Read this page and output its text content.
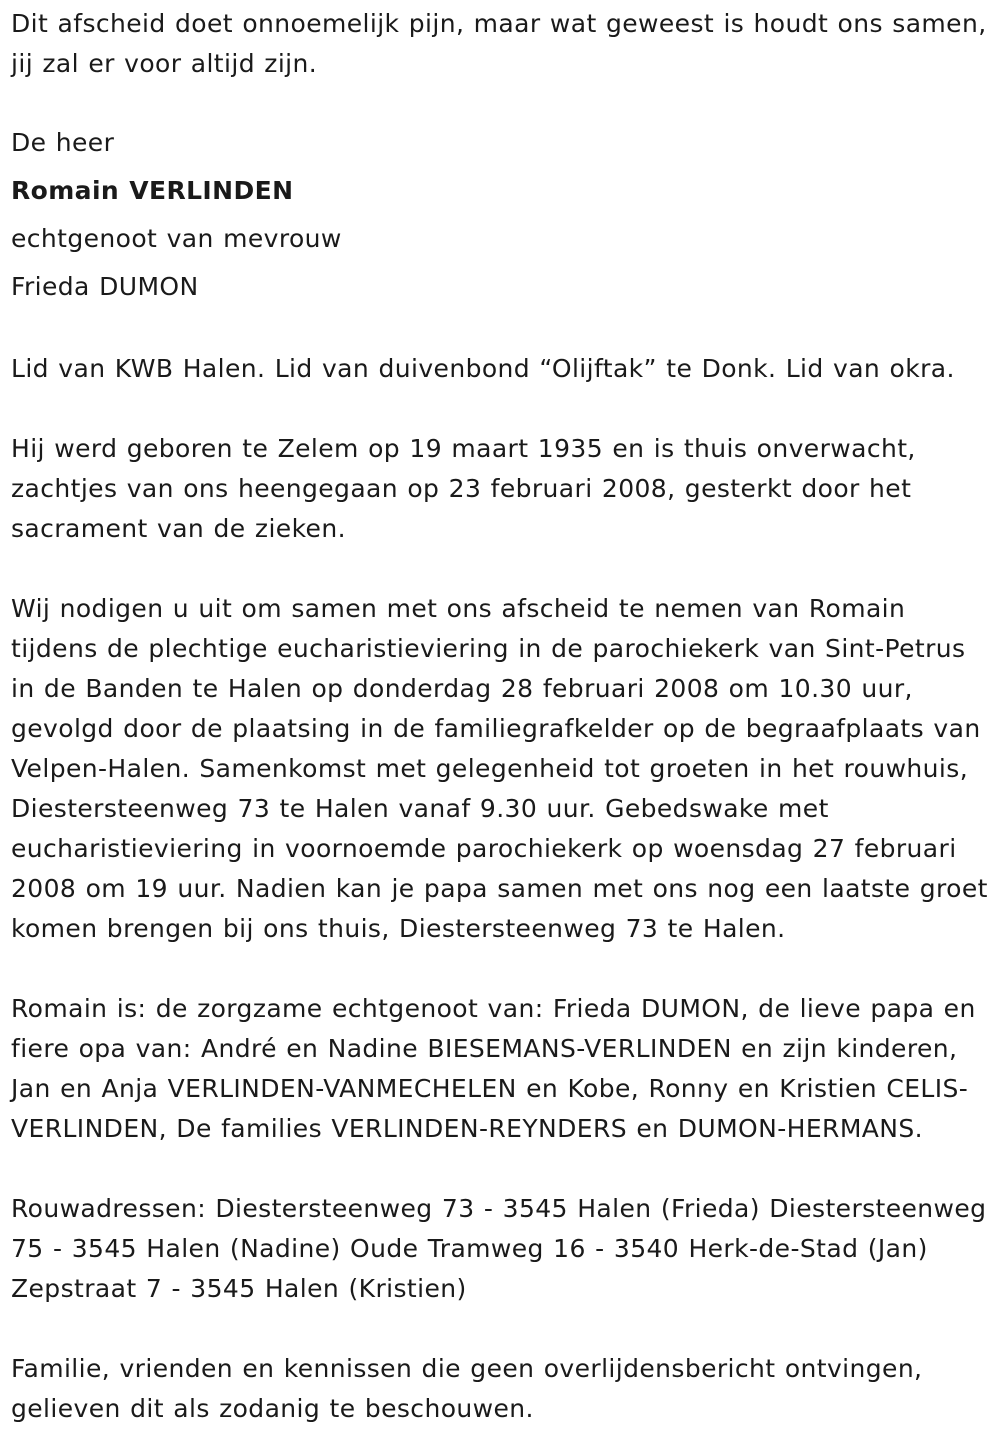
Dit afscheid doet onnoemelijk pijn, maar wat geweest is houdt ons samen, jij zal er voor altijd zijn.

De heer

Romain VERLINDEN

echtgenoot van mevrouw

Frieda DUMON

Lid van KWB Halen. Lid van duivenbond “Olijftak” te Donk. Lid van okra.

Hij werd geboren te Zelem op 19 maart 1935 en is thuis onverwacht, zachtjes van ons heengegaan op 23 februari 2008, gesterkt door het sacrament van de zieken.

Wij nodigen u uit om samen met ons afscheid te nemen van Romain tijdens de plechtige eucharistieviering in de parochiekerk van Sint-Petrus in de Banden te Halen op donderdag 28 februari 2008 om 10.30 uur, gevolgd door de plaatsing in de familiegrafkelder op de begraafplaats van Velpen-Halen. Samenkomst met gelegenheid tot groeten in het rouwhuis, Diestersteenweg 73 te Halen vanaf 9.30 uur. Gebedswake met eucharistieviering in voornoemde parochiekerk op woensdag 27 februari 2008 om 19 uur. Nadien kan je papa samen met ons nog een laatste groet komen brengen bij ons thuis, Diestersteenweg 73 te Halen.

Romain is: de zorgzame echtgenoot van: Frieda DUMON, de lieve papa en fiere opa van: André en Nadine BIESEMANS-VERLINDEN en zijn kinderen, Jan en Anja VERLINDEN-VANMECHELEN en Kobe, Ronny en Kristien CELIS-VERLINDEN, De families VERLINDEN-REYNDERS en DUMON-HERMANS.

Rouwadressen: Diestersteenweg 73 - 3545 Halen (Frieda) Diestersteenweg 75 - 3545 Halen (Nadine) Oude Tramweg 16 - 3540 Herk-de-Stad (Jan) Zepstraat 7 - 3545 Halen (Kristien)

Familie, vrienden en kennissen die geen overlijdensbericht ontvingen, gelieven dit als zodanig te beschouwen.
